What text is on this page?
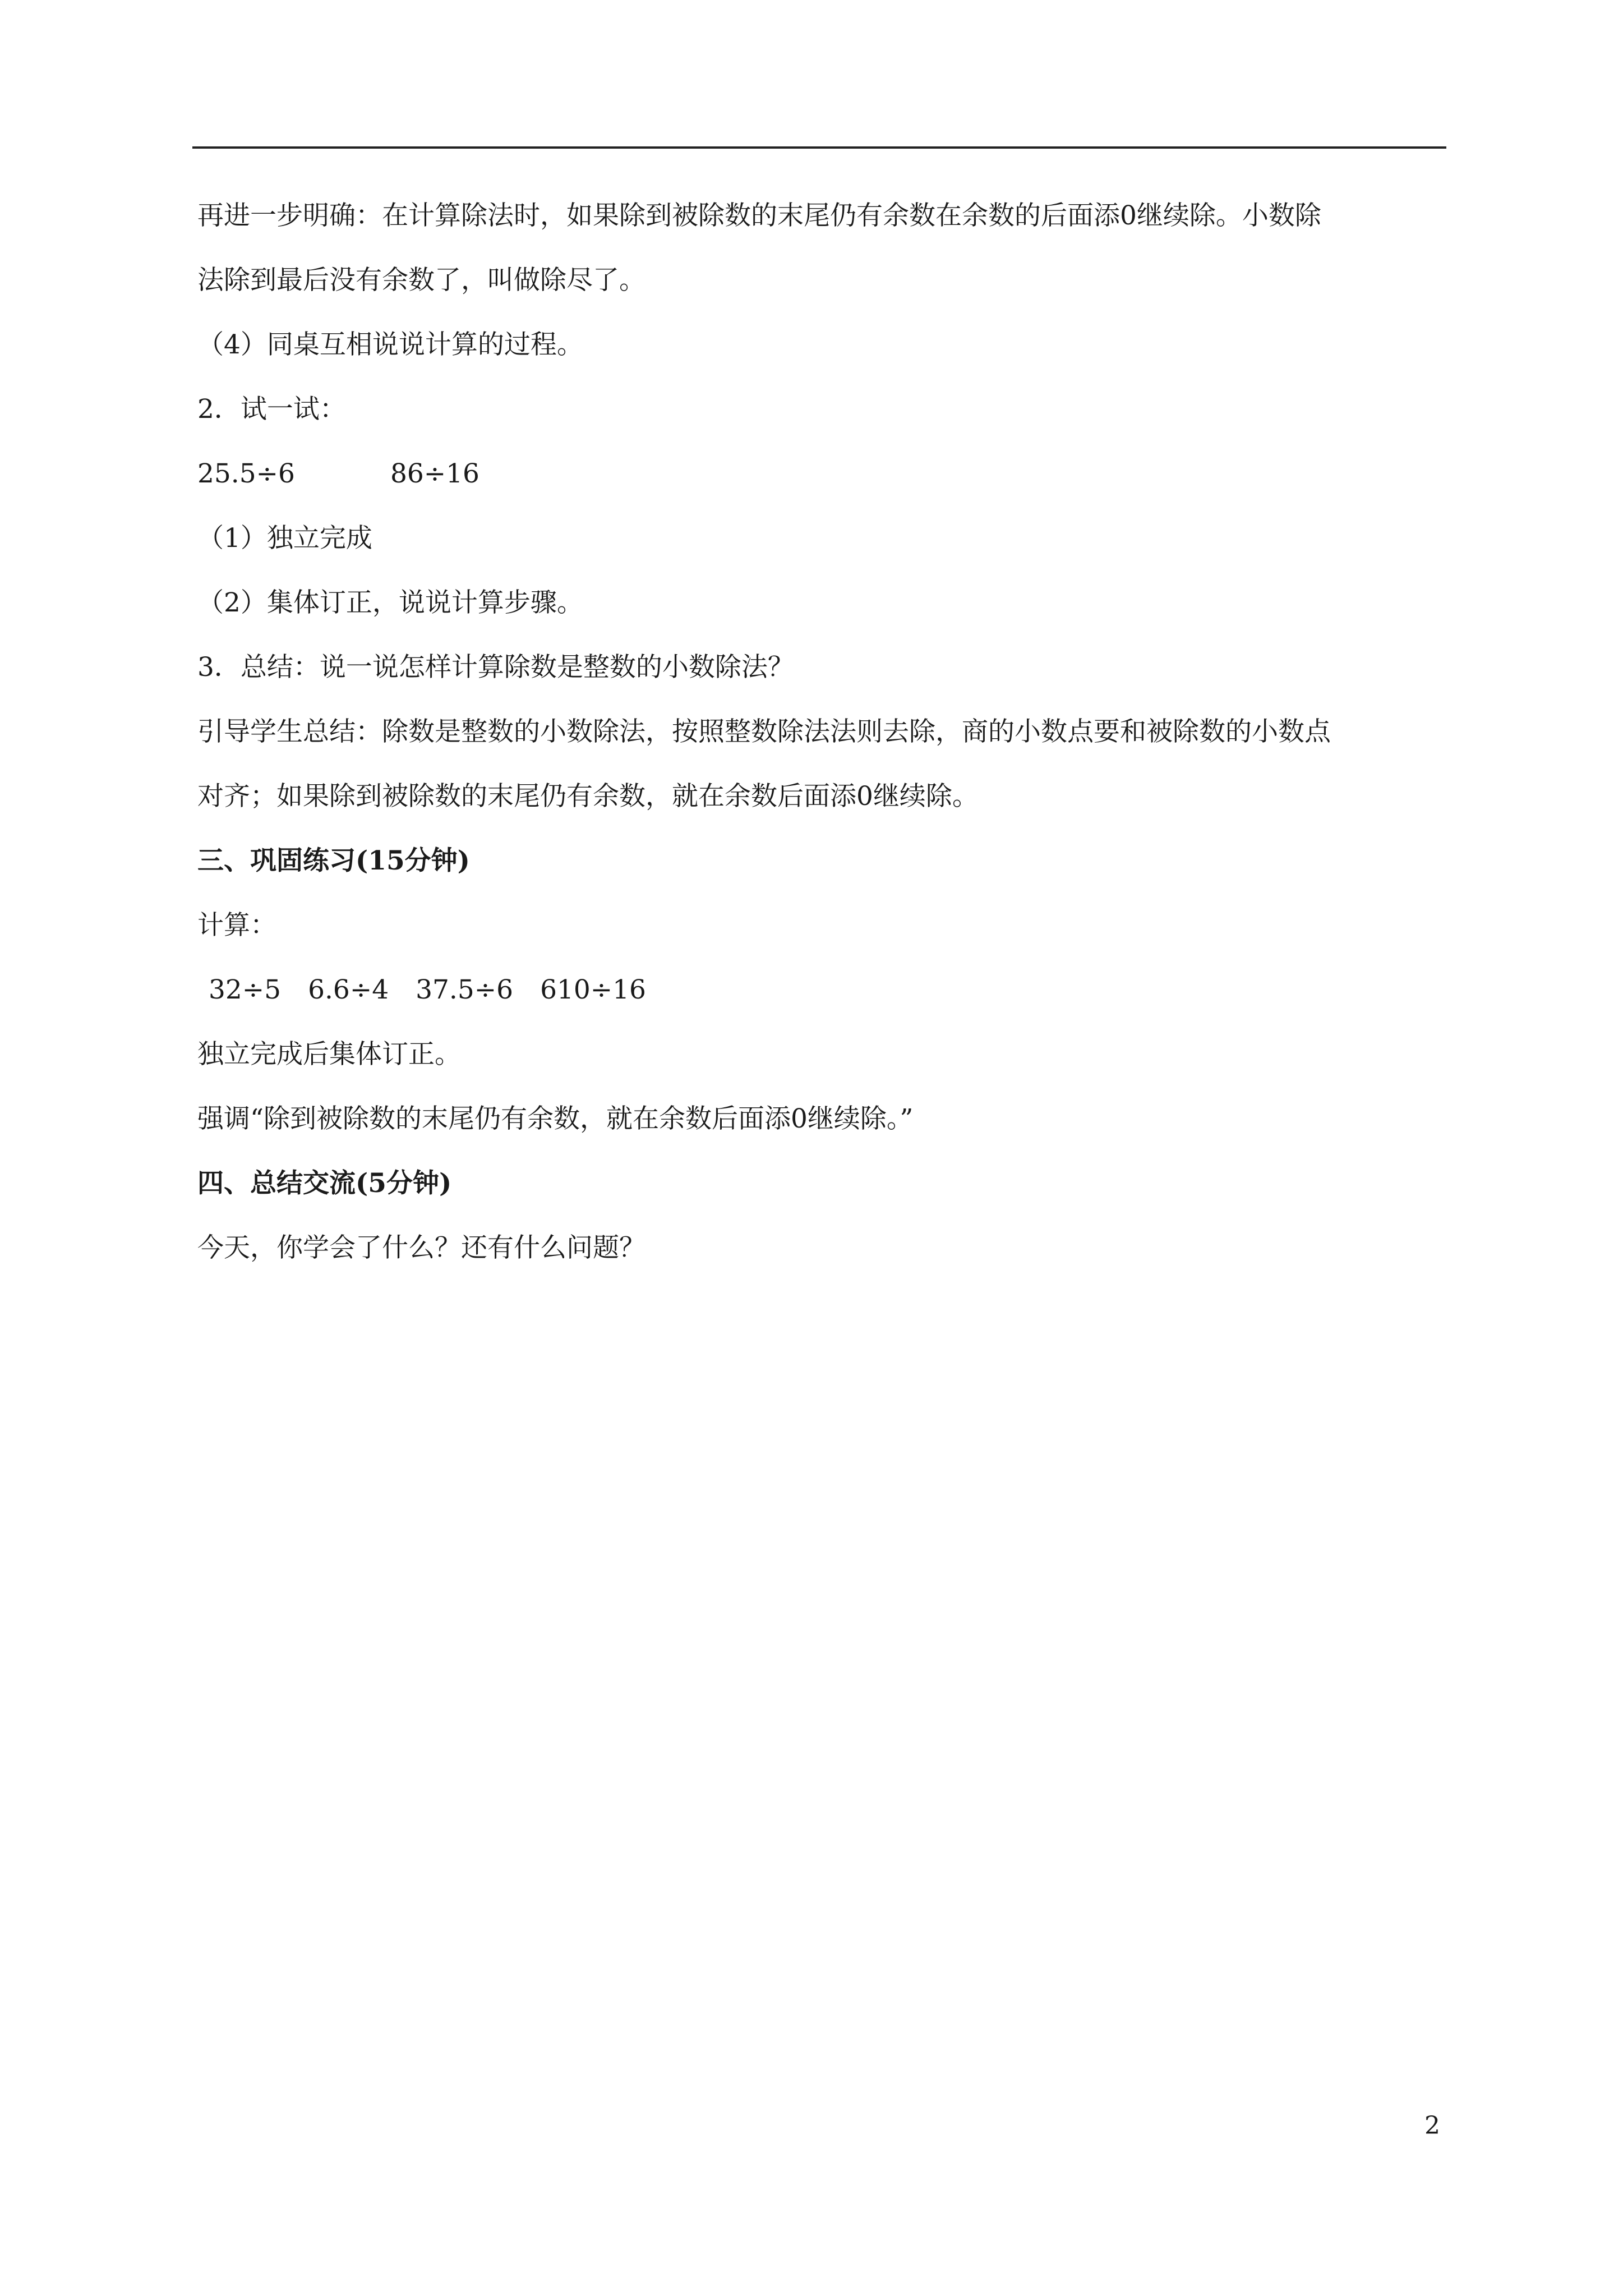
再进一步明确：在计算除法时，如果除到被除数的末尾仍有余数在余数的后面添0继续除。小数除
法除到最后没有余数了，叫做除尽了。
（4）同桌互相说说计算的过程。
2．试一试：
25.5÷6	86÷16
（1）独立完成
（2）集体订正，说说计算步骤。
3．总结：说一说怎样计算除数是整数的小数除法？
引导学生总结：除数是整数的小数除法，按照整数除法法则去除，商的小数点要和被除数的小数点
对齐；如果除到被除数的末尾仍有余数，就在余数后面添0继续除。
三、巩固练习(15分钟)
计算：
32÷5 6.6÷4 37.5÷6 610÷16
独立完成后集体订正。
强调“除到被除数的末尾仍有余数，就在余数后面添0继续除。”
四、总结交流(5分钟)
今天，你学会了什么？还有什么问题？
2
